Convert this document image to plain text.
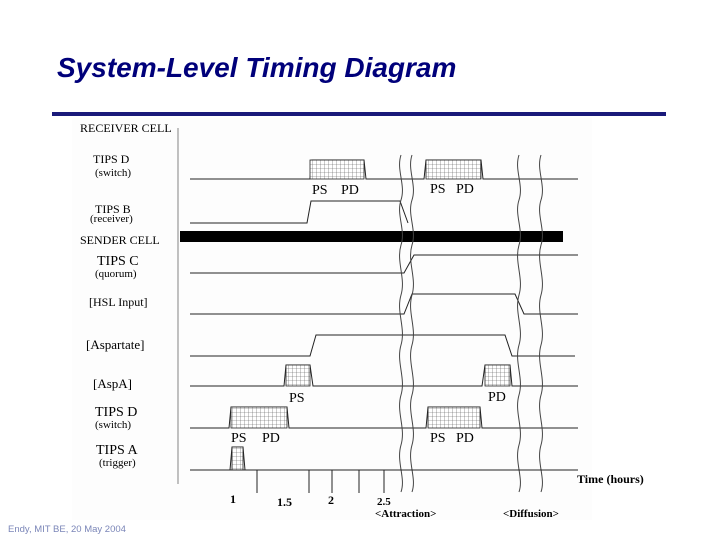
System-Level Timing Diagram
RECEIVER CELL
TIPS D
(switch)
PS PD	PS PD
TIPS B
(receiver)
SENDER CELL
TIPS C
(quorum)
[HSL Input]
[Aspartate]
[AspA]
PS	PD
TIPS D
(switch)
PS PD	PS PD
TIPS A
(trigger)
1	1.5	2	2.5
Time (hours)
<Attraction>	<Diffusion>
Endy, MIT BE, 20 May 2004
